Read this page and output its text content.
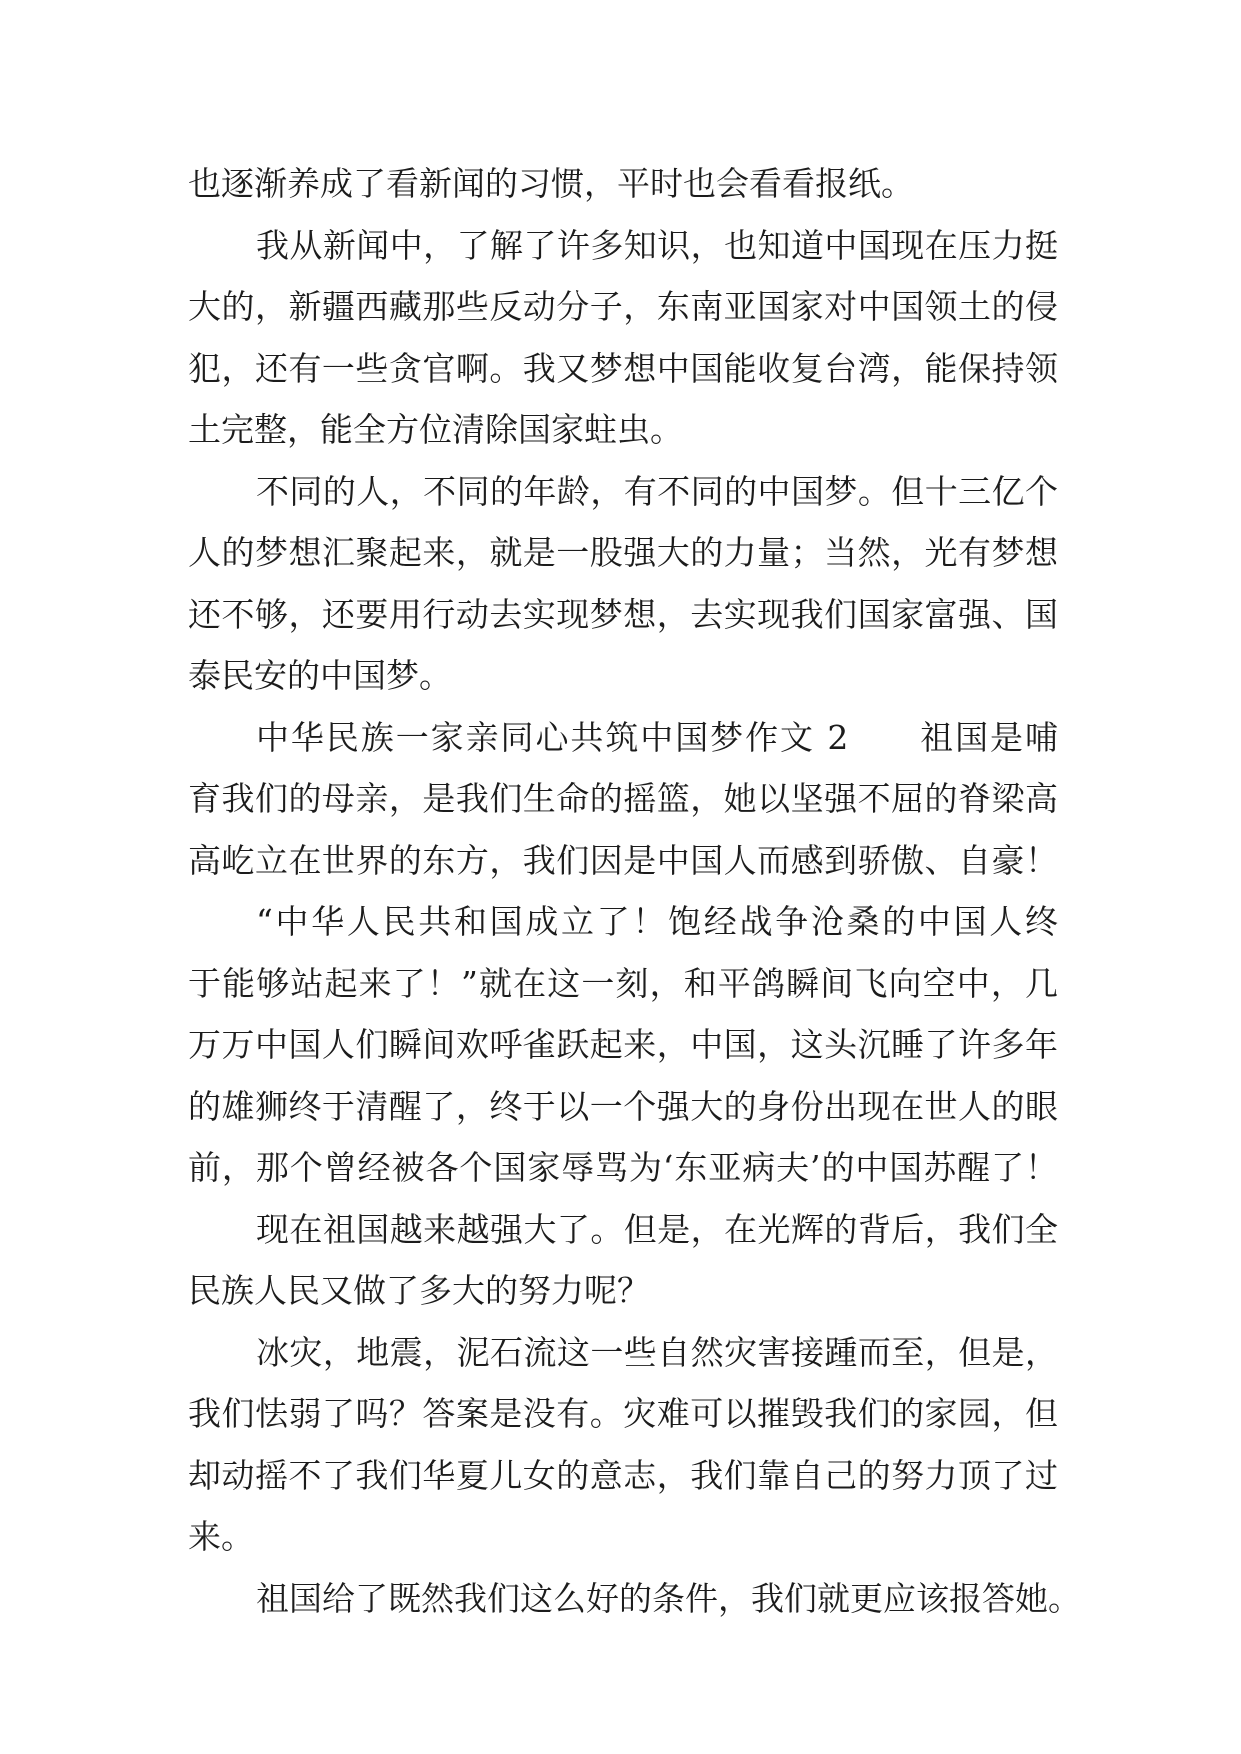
也逐渐养成了看新闻的习惯，平时也会看看报纸。
我从新闻中，了解了许多知识，也知道中国现在压力挺
大的，新疆西藏那些反动分子，东南亚国家对中国领土的侵
犯，还有一些贪官啊。我又梦想中国能收复台湾，能保持领
土完整，能全方位清除国家蛀虫。
不同的人，不同的年龄，有不同的中国梦。但十三亿个
人的梦想汇聚起来，就是一股强大的力量；当然，光有梦想
还不够，还要用行动去实现梦想，去实现我们国家富强、国
泰民安的中国梦。
中华民族一家亲同心共筑中国梦作文 2　　祖国是哺
育我们的母亲，是我们生命的摇篮，她以坚强不屈的脊梁高
高屹立在世界的东方，我们因是中国人而感到骄傲、自豪！
“中华人民共和国成立了！饱经战争沧桑的中国人终
于能够站起来了！”就在这一刻，和平鸽瞬间飞向空中，几
万万中国人们瞬间欢呼雀跃起来，中国，这头沉睡了许多年
的雄狮终于清醒了，终于以一个强大的身份出现在世人的眼
前，那个曾经被各个国家辱骂为‘东亚病夫’的中国苏醒了！
现在祖国越来越强大了。但是，在光辉的背后，我们全
民族人民又做了多大的努力呢？
冰灾，地震，泥石流这一些自然灾害接踵而至，但是，
我们怯弱了吗？答案是没有。灾难可以摧毁我们的家园，但
却动摇不了我们华夏儿女的意志，我们靠自己的努力顶了过
来。
祖国给了既然我们这么好的条件，我们就更应该报答她。
